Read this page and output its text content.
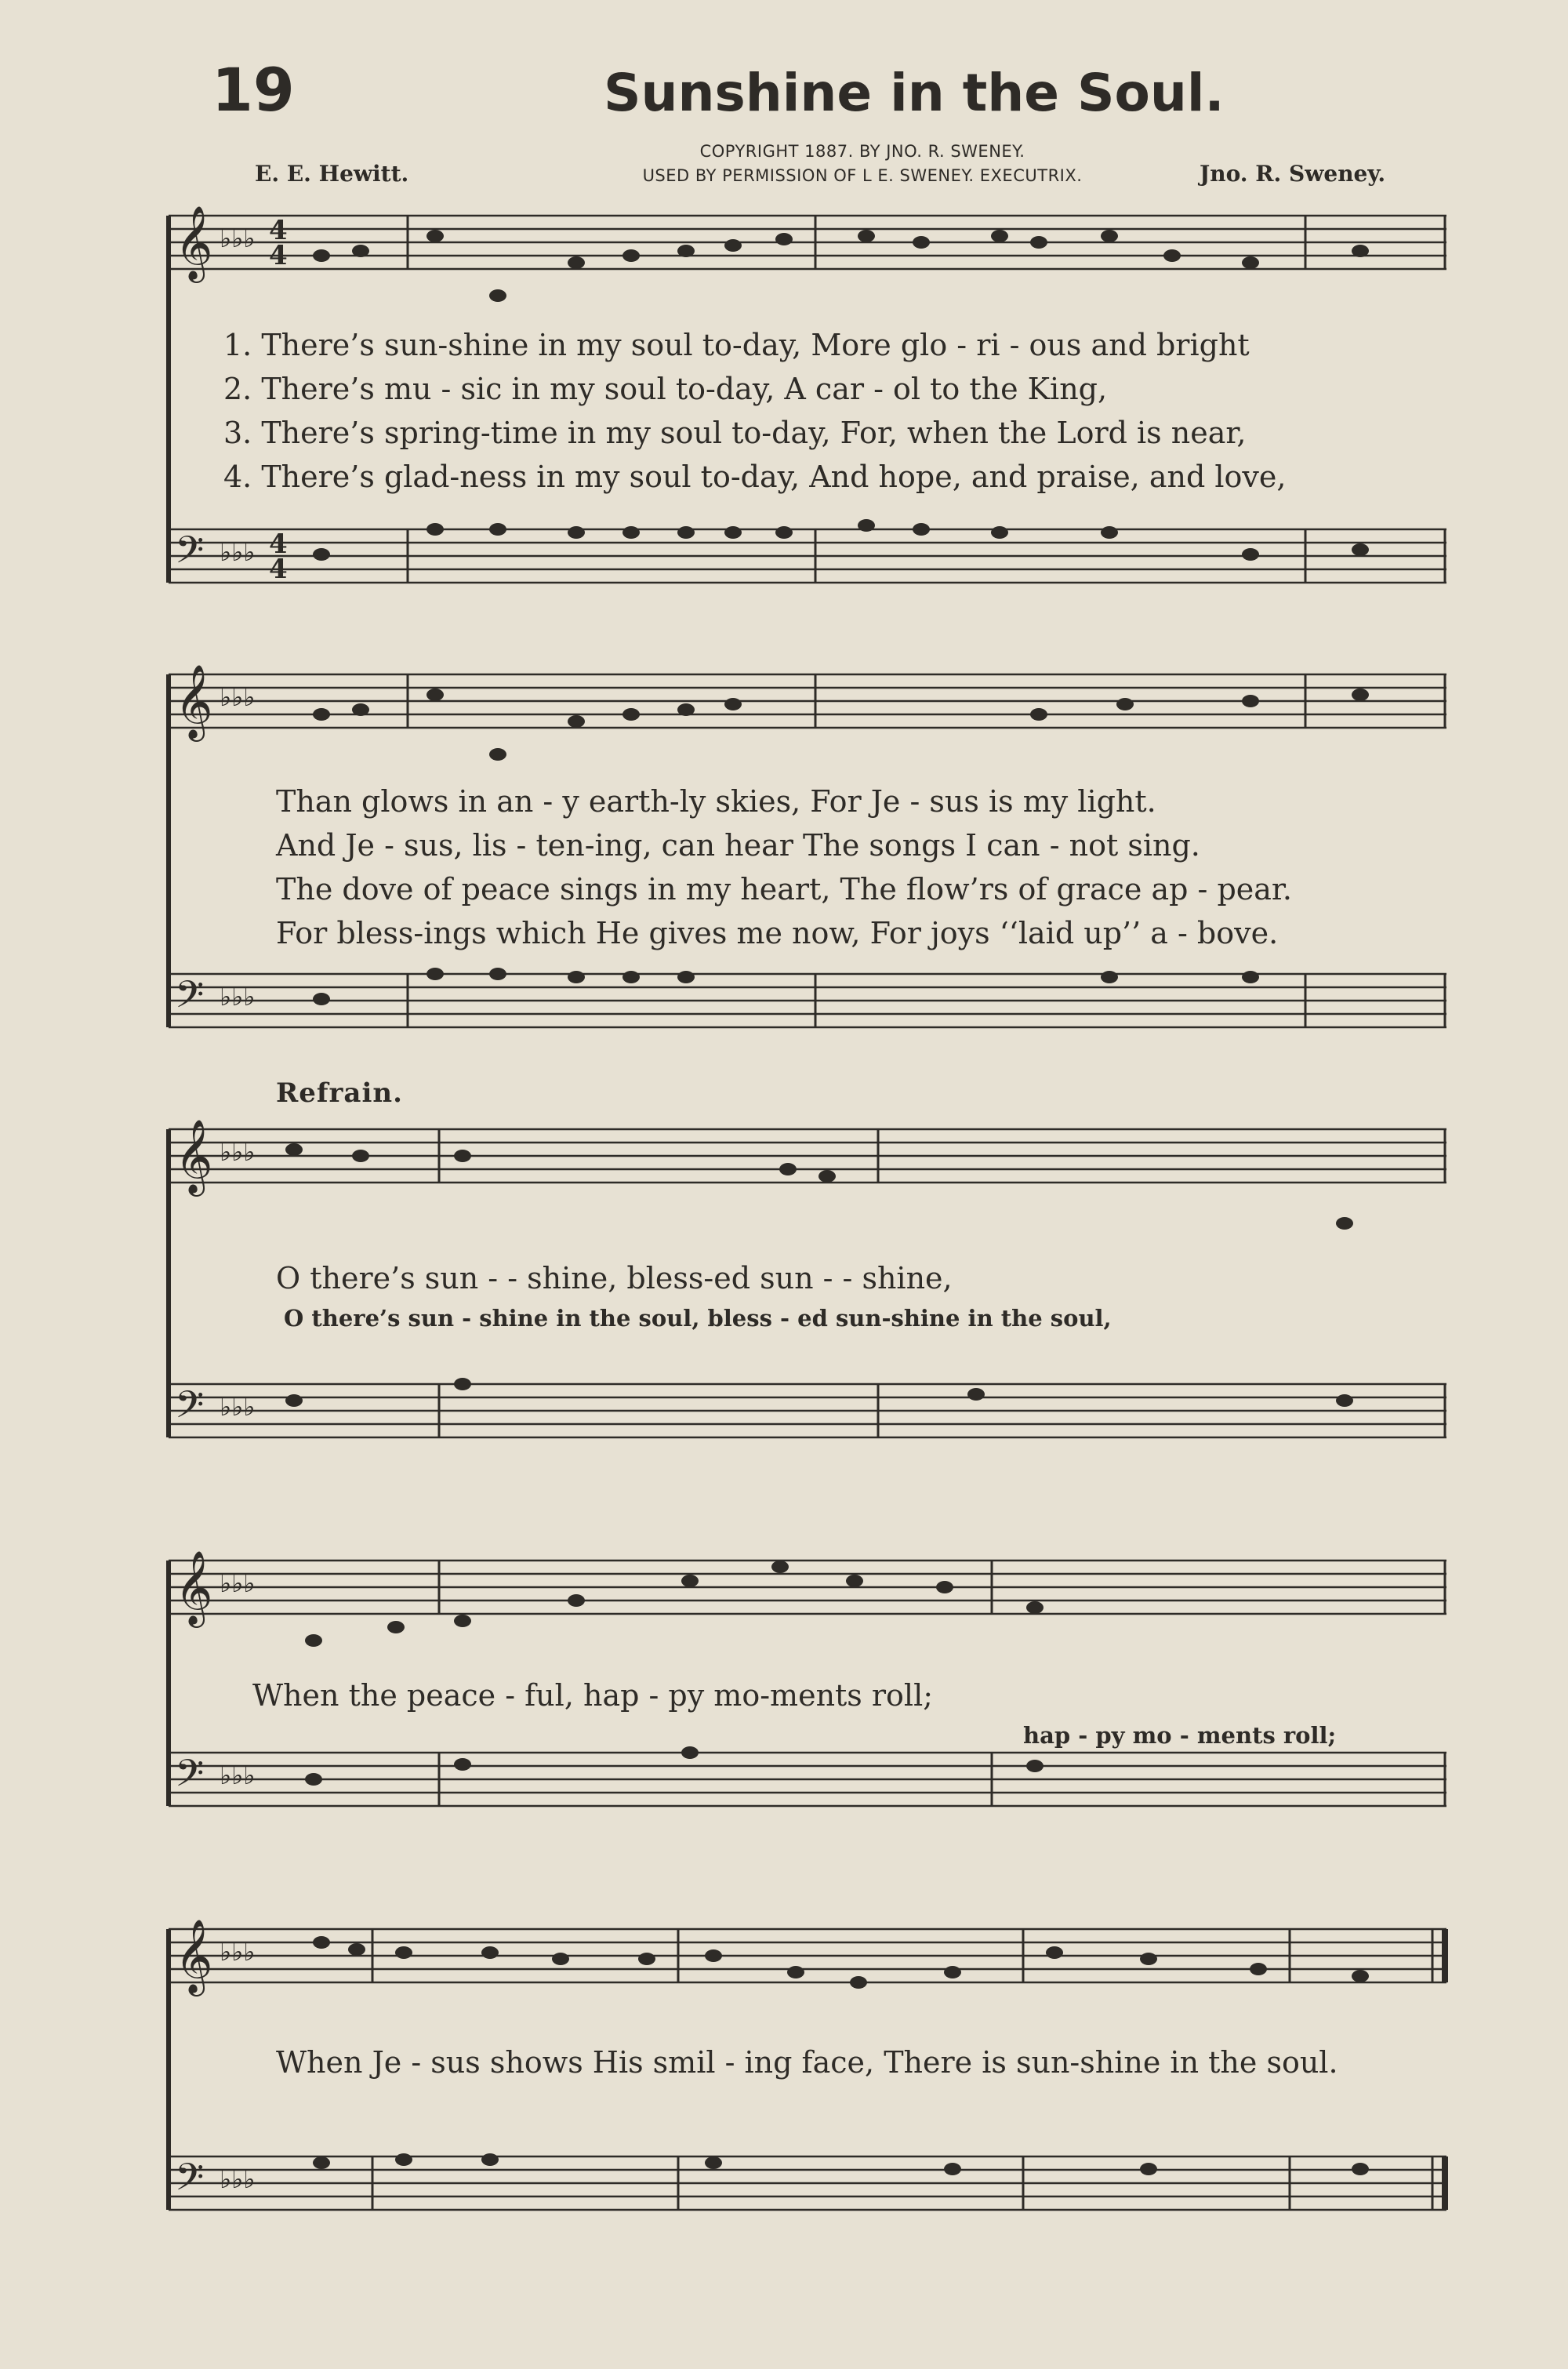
19	Sunshine in the Soul.
COPYRIGHT 1887. BY JNO. R. SWENEY.
USED BY PERMISSION OF L E. SWENEY. EXECUTRIX.
E. E. Hewitt.	Jno. R. Sweney.
𝄞
𝄢
♭♭♭
♭♭♭
4
4
4
4
𝄞
𝄢
♭♭♭
♭♭♭
𝄞
𝄢
♭♭♭
♭♭♭
𝄞
𝄢
♭♭♭
♭♭♭
𝄞
𝄢
♭♭♭
♭♭♭
1. There’s sun-shine in my soul to-day, More glo - ri - ous and bright
2. There’s mu - sic in my soul to-day, A car - ol to the King,
3. There’s spring-time in my soul to-day, For, when the Lord is near,
4. There’s glad-ness in my soul to-day, And hope, and praise, and love,
Than glows in an - y earth-ly skies, For Je - sus is my light.
And Je - sus, lis - ten-ing, can hear The songs I can - not sing.
The dove of peace sings in my heart, The flow’rs of grace ap - pear.
For bless-ings which He gives me now, For joys ‘‘laid up’’ a - bove.
Refrain.
O there’s sun - - shine, bless-ed sun - - shine,
O there’s sun - shine in the soul, bless - ed sun-shine in the soul,
When the peace - ful, hap - py mo-ments roll;
hap - py mo - ments roll;
When Je - sus shows His smil - ing face, There is sun-shine in the soul.
